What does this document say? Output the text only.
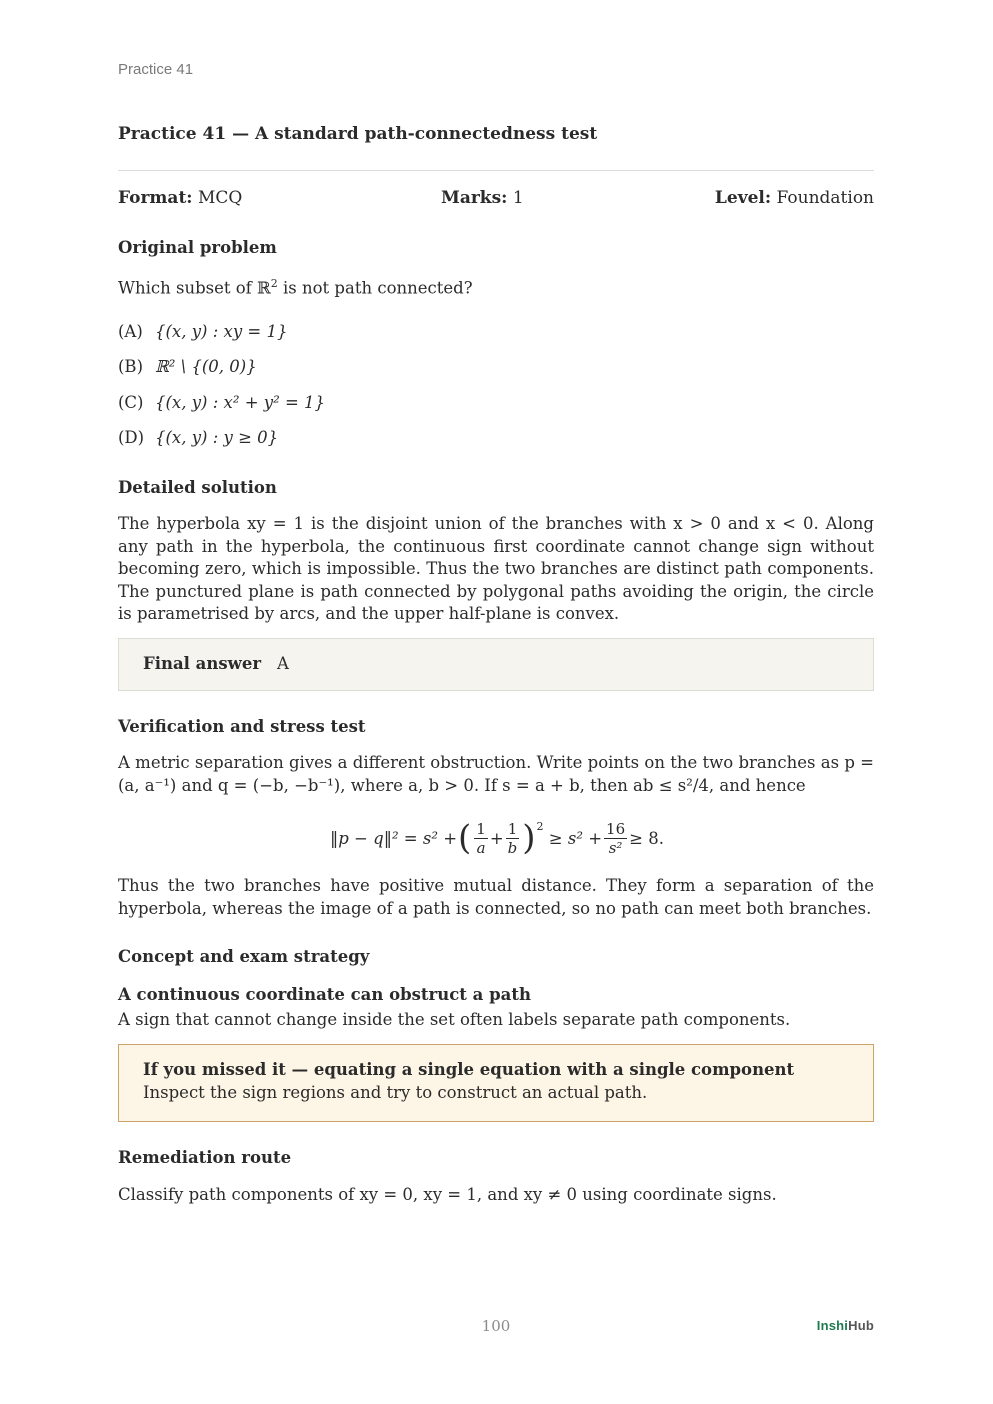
Practice 41
Practice 41 — A standard path-connectedness test
Format: MCQ	Marks: 1	Level: Foundation
Original problem
Which subset of ℝ$^2$ is not path connected?
(A) {(x, y) : xy = 1}
(B) ℝ² \ {(0, 0)}
(C) {(x, y) : x² + y² = 1}
(D) {(x, y) : y ≥ 0}
Detailed solution
The hyperbola xy = 1 is the disjoint union of the branches with x > 0 and x < 0. Along any path in the hyperbola, the continuous first coordinate cannot change sign without becoming zero, which is impossible. Thus the two branches are distinct path components. The punctured plane is path connected by polygonal paths avoiding the origin, the circle is parametrised by arcs, and the upper half-plane is convex.
Final answer A
Verification and stress test
A metric separation gives a different obstruction. Write points on the two branches as p = (a, a⁻¹) and q = (−b, −b⁻¹), where a, b > 0. If s = a + b, then ab ≤ s²/4, and hence
‖p − q‖² = s² + ( $\frac{1}{a} + \frac{1}{b}$ ) 2

≥ $s^2 + \frac{16}{\text{s²}} \ge 8$.
Thus the two branches have positive mutual distance. They form a separation of the hyperbola, whereas the image of a path is connected, so no path can meet both branches.
Concept and exam strategy
A continuous coordinate can obstruct a path
A sign that cannot change inside the set often labels separate path components.
If you missed it — equating a single equation with a single component
Inspect the sign regions and try to construct an actual path.
Remediation route
Classify path components of xy = 0, xy = 1, and xy ≠ 0 using coordinate signs.
100	InshiHub
